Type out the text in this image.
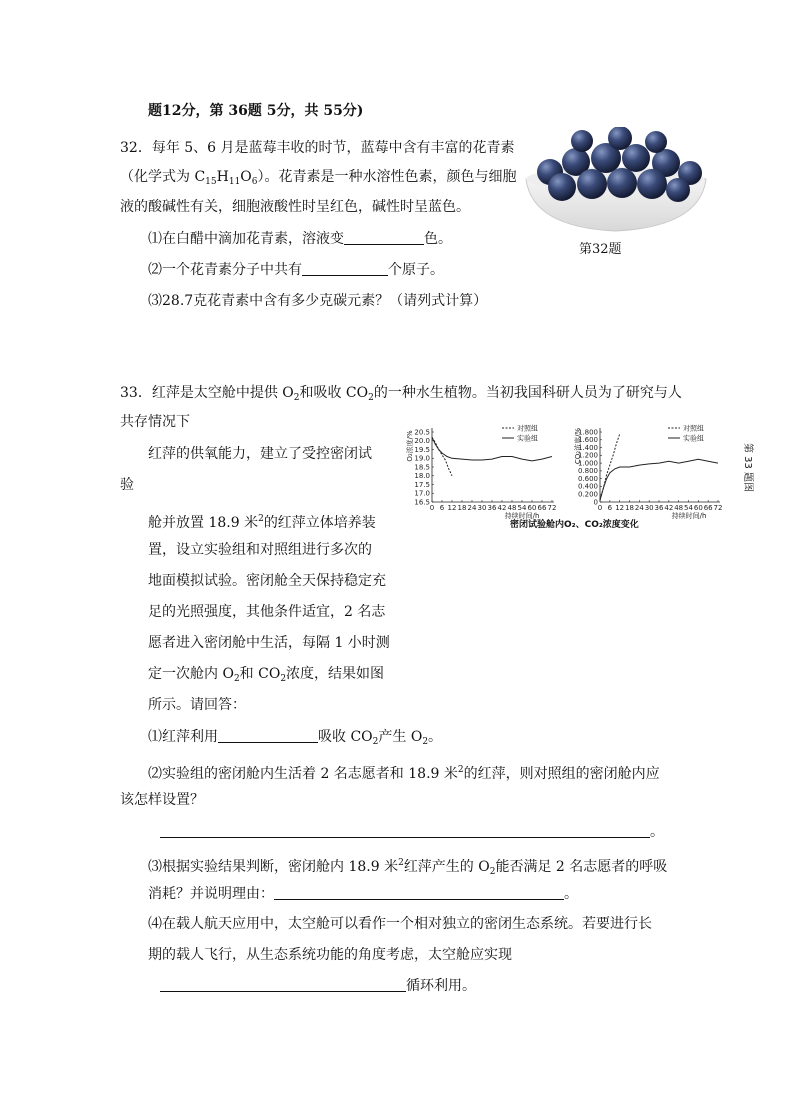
题12分，第 36题 5分，共 55分)
32．每年 5、6 月是蓝莓丰收的时节，蓝莓中含有丰富的花青素
（化学式为 $C_{15}H_{11}O_6$）。花青素是一种水溶性色素，颜色与细胞
液的酸碱性有关，细胞液酸性时呈红色，碱性时呈蓝色。
⑴在白醋中滴加花青素，溶液变	色。
⑵一个花青素分子中共有	个原子。
⑶28.7克花青素中含有多少克碳元素？（请列式计算）
第32题
33．红萍是太空舱中提供 $O_2$和吸收 $CO_2$的一种水生植物。当初我国科研人员为了研究与人
共存情况下
红萍的供氧能力，建立了受控密闭试
验
舱并放置 18.9 米$^2$的红萍立体培养装
置，设立实验组和对照组进行多次的
地面模拟试验。密闭舱全天保持稳定充
足的光照强度，其他条件适宜，2 名志
愿者进入密闭舱中生活，每隔 1 小时测
定一次舱内 $O_2$和 $CO_2$浓度，结果如图
所示。请回答：
⑴红萍利用	吸收 $CO_2$产生 $O_2$。
⑵实验组的密闭舱内生活着 2 名志愿者和 18.9 米$^2$的红萍，则对照组的密闭舱内应
该怎样设置？
。
⑶根据实验结果判断，密闭舱内 18.9 米$^2$红萍产生的 $O_2$能否满足 2 名志愿者的呼吸
消耗？并说明理由：	。
⑷在载人航天应用中，太空舱可以看作一个相对独立的密闭生态系统。若要进行长
期的载人飞行，从生态系统功能的角度考虑，太空舱应实现
循环利用。
O₂浓度/%
16.5
17.0
17.5
18.0
18.5
19.0
19.5
20.0
20.5
0 6 12 18 24 30 36 42 48 54 60 66 72
持续时间/h
对照组
实验组	CO₂浓度/%
0
0.200
0.400
0.600
0.800
1.000
1.200
1.400
1.600
1.800
0 6 12 18 24 30 36 42 48 54 60 66 72
持续时间/h
对照组
实验组
密闭试验舱内O₂、CO₂浓度变化
第 33 题图
